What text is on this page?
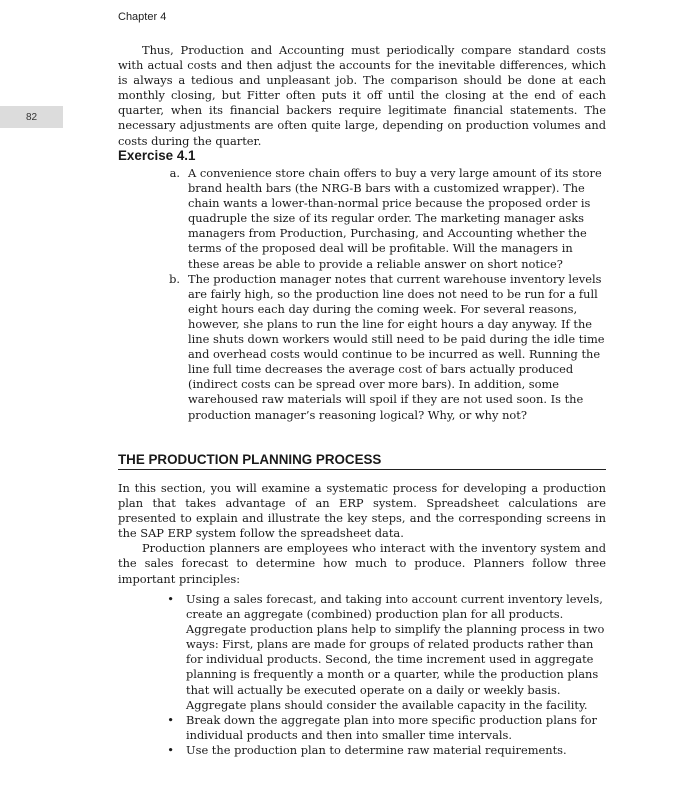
Chapter 4
82

Thus, Production and Accounting must periodically compare standard costs with actual costs and then adjust the accounts for the inevitable differences, which is always a tedious and unpleasant job. The comparison should be done at each monthly closing, but Fitter often puts it off until the closing at the end of each quarter, when its financial backers require legitimate financial statements. The necessary adjustments are often quite large, depending on production volumes and costs during the quarter.

Exercise 4.1
a. A convenience store chain offers to buy a very large amount of its store brand health bars (the NRG-B bars with a customized wrapper). The chain wants a lower-than-normal price because the proposed order is quadruple the size of its regular order. The marketing manager asks managers from Production, Purchasing, and Accounting whether the terms of the proposed deal will be profitable. Will the managers in these areas be able to provide a reliable answer on short notice?
b. The production manager notes that current warehouse inventory levels are fairly high, so the production line does not need to be run for a full eight hours each day during the coming week. For several reasons, however, she plans to run the line for eight hours a day anyway. If the line shuts down workers would still need to be paid during the idle time and overhead costs would continue to be incurred as well. Running the line full time decreases the average cost of bars actually produced (indirect costs can be spread over more bars). In addition, some warehoused raw materials will spoil if they are not used soon. Is the production manager’s reasoning logical? Why, or why not?
THE PRODUCTION PLANNING PROCESS

In this section, you will examine a systematic process for developing a production plan that takes advantage of an ERP system. Spreadsheet calculations are presented to explain and illustrate the key steps, and the corresponding screens in the SAP ERP system follow the spreadsheet data.

Production planners are employees who interact with the inventory system and the sales forecast to determine how much to produce. Planners follow three important principles:

•	Using a sales forecast, and taking into account current inventory levels, create an aggregate (combined) production plan for all products. Aggregate production plans help to simplify the planning process in two ways: First, plans are made for groups of related products rather than for individual products. Second, the time increment used in aggregate planning is frequently a month or a quarter, while the production plans that will actually be executed operate on a daily or weekly basis. Aggregate plans should consider the available capacity in the facility.
•	Break down the aggregate plan into more specific production plans for individual products and then into smaller time intervals.
•	Use the production plan to determine raw material requirements.
